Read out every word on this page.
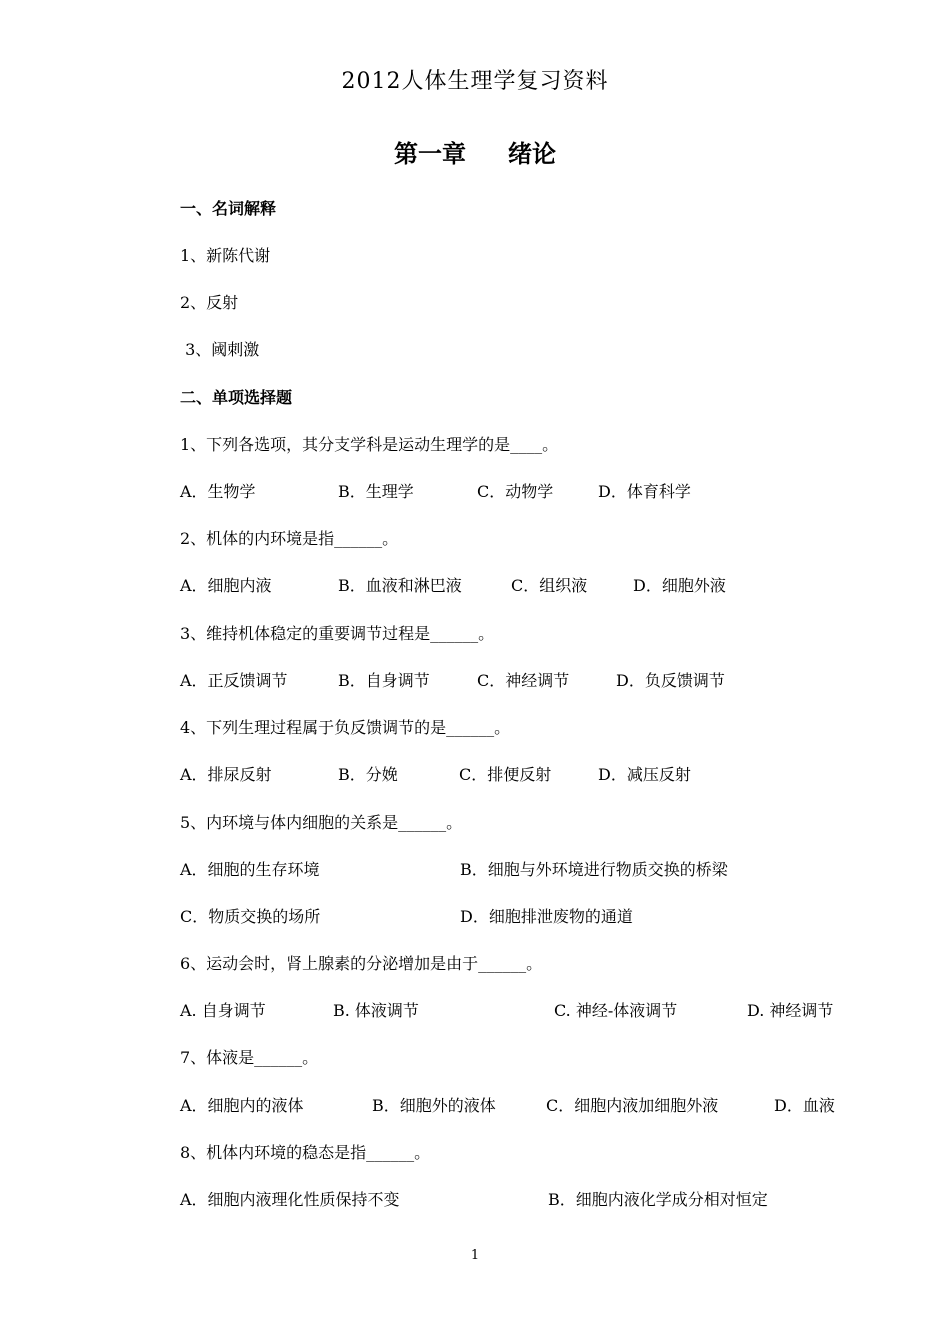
2012人体生理学复习资料
第一章 绪论
一、名词解释
1、新陈代谢
2、反射
3、阈刺激
二、单项选择题
1、下列各选项，其分支学科是运动生理学的是____。
A．生物学	B．生理学	C．动物学	D．体育科学
2、机体的内环境是指______。
A．细胞内液	B．血液和淋巴液	C．组织液	D．细胞外液
3、维持机体稳定的重要调节过程是______。
A．正反馈调节	B．自身调节	C．神经调节	D．负反馈调节
4、下列生理过程属于负反馈调节的是______。
A．排尿反射	B．分娩	C．排便反射	D．减压反射
5、内环境与体内细胞的关系是______。
A．细胞的生存环境	B．细胞与外环境进行物质交换的桥梁
C．物质交换的场所	D．细胞排泄废物的通道
6、运动会时，肾上腺素的分泌增加是由于______。
A. 自身调节	B. 体液调节	C. 神经-体液调节	D. 神经调节
7、体液是______。
A．细胞内的液体	B．细胞外的液体	C．细胞内液加细胞外液	D．血液
8、机体内环境的稳态是指______。
A．细胞内液理化性质保持不变	B．细胞内液化学成分相对恒定
1
